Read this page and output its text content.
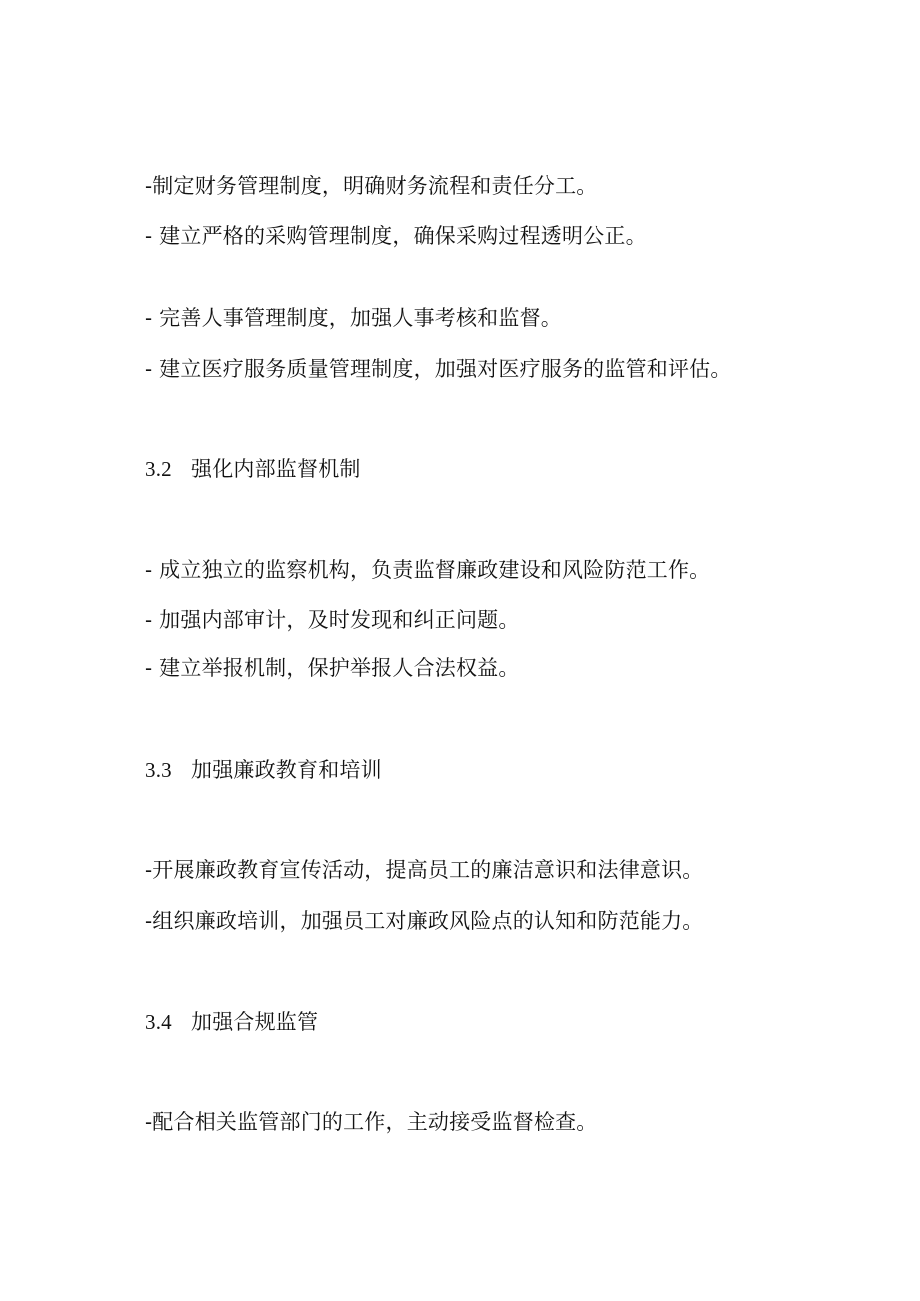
-制定财务管理制度，明确财务流程和责任分工。
- 建立严格的采购管理制度，确保采购过程透明公正。
- 完善人事管理制度，加强人事考核和监督。
- 建立医疗服务质量管理制度，加强对医疗服务的监管和评估。
3.2 强化内部监督机制
- 成立独立的监察机构，负责监督廉政建设和风险防范工作。
- 加强内部审计，及时发现和纠正问题。
- 建立举报机制，保护举报人合法权益。
3.3 加强廉政教育和培训
-开展廉政教育宣传活动，提高员工的廉洁意识和法律意识。
-组织廉政培训，加强员工对廉政风险点的认知和防范能力。
3.4 加强合规监管
-配合相关监管部门的工作，主动接受监督检查。
